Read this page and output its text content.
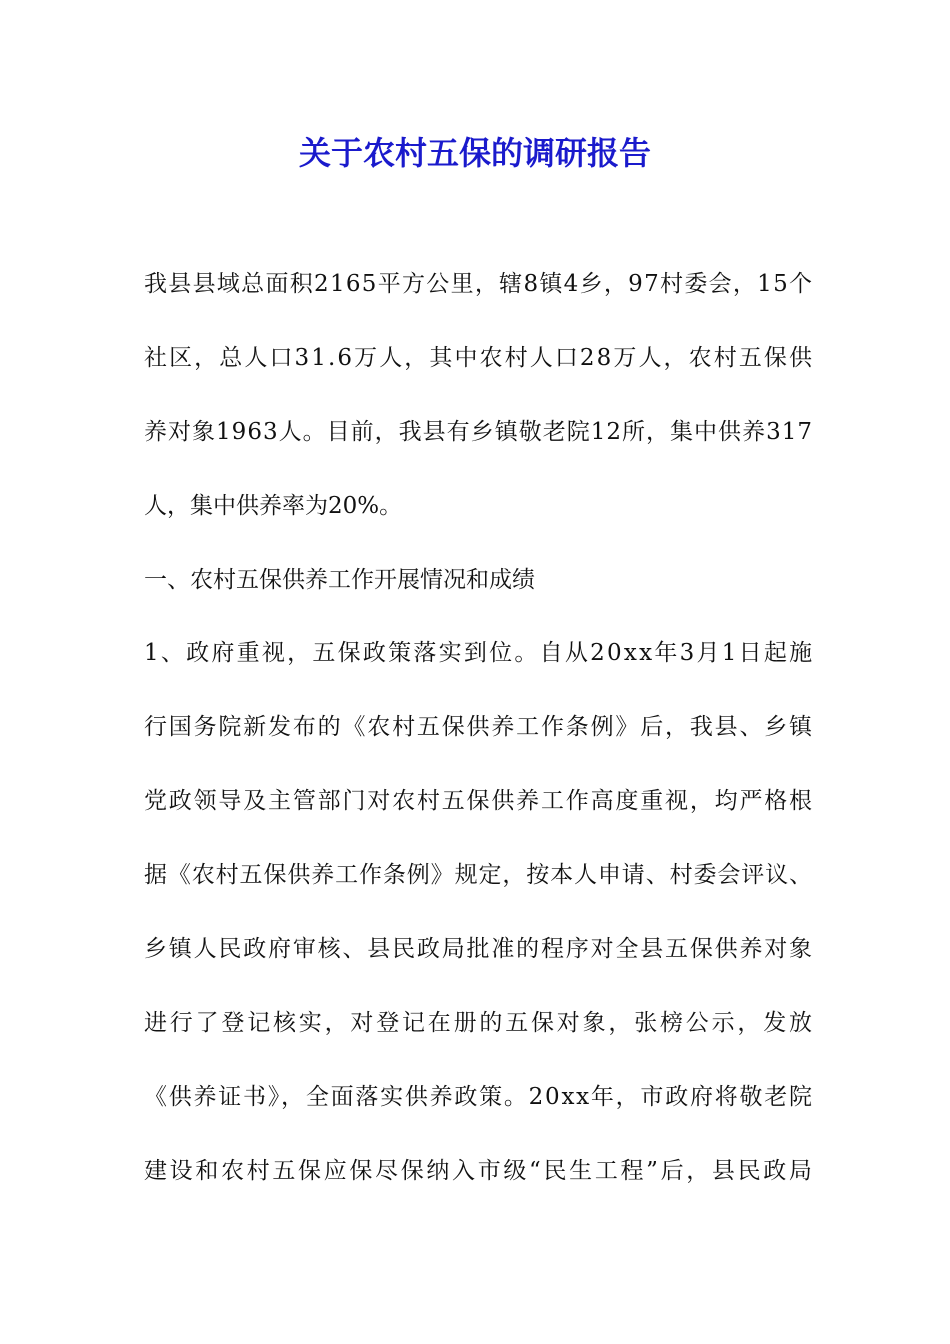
关于农村五保的调研报告
我县县域总面积2165平方公里，辖8镇4乡，97村委会，15个
社区，总人口31.6万人，其中农村人口28万人，农村五保供
养对象1963人。目前，我县有乡镇敬老院12所，集中供养317
人，集中供养率为20%。
一、农村五保供养工作开展情况和成绩
1、政府重视，五保政策落实到位。自从20xx年3月1日起施
行国务院新发布的《农村五保供养工作条例》后，我县、乡镇
党政领导及主管部门对农村五保供养工作高度重视，均严格根
据《农村五保供养工作条例》规定，按本人申请、村委会评议、
乡镇人民政府审核、县民政局批准的程序对全县五保供养对象
进行了登记核实，对登记在册的五保对象，张榜公示，发放
《供养证书》，全面落实供养政策。20xx年，市政府将敬老院
建设和农村五保应保尽保纳入市级“民生工程”后，县民政局
